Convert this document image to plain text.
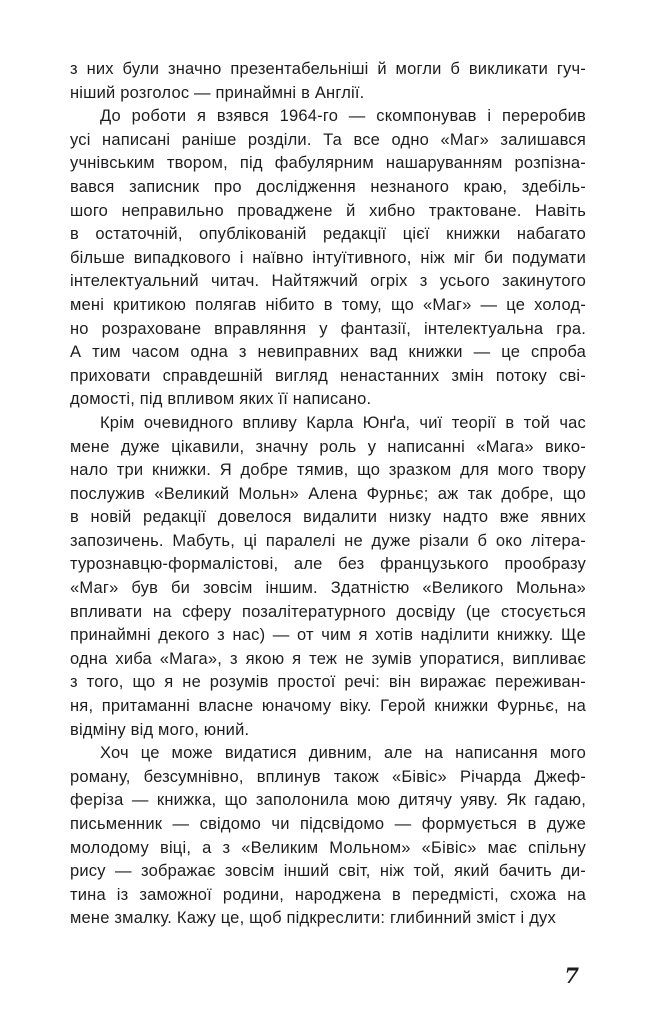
з них були значно презентабельніші й могли б викликати гуч-
ніший розголос — принаймні в Англії.
До роботи я взявся 1964-го — скомпонував і переробив
усі написані раніше розділи. Та все одно «Маг» залишався
учнівським твором, під фабулярним нашаруванням розпізна-
вався записник про дослідження незнаного краю, здебіль-
шого неправильно проваджене й хибно трактоване. Навіть
в остаточній, опублікованій редакції цієї книжки набагато
більше випадкового і наївно інтуїтивного, ніж міг би подумати
інтелектуальний читач. Найтяжчий огріх з усього закинутого
мені критикою полягав нібито в тому, що «Маг» — це холод-
но розраховане вправляння у фантазії, інтелектуальна гра.
А тим часом одна з невиправних вад книжки — це спроба
приховати справдешній вигляд ненастанних змін потоку сві-
домості, під впливом яких її написано.
Крім очевидного впливу Карла Юнґа, чиї теорії в той час
мене дуже цікавили, значну роль у написанні «Мага» вико-
нало три книжки. Я добре тямив, що зразком для мого твору
послужив «Великий Мольн» Алена Фурньє; аж так добре, що
в новій редакції довелося видалити низку надто вже явних
запозичень. Мабуть, ці паралелі не дуже різали б око літера-
турознавцю-формалістові, але без французького прообразу
«Маг» був би зовсім іншим. Здатністю «Великого Мольна»
впливати на сферу позалітературного досвіду (це стосується
принаймні декого з нас) — от чим я хотів наділити книжку. Ще
одна хиба «Мага», з якою я теж не зумів упоратися, випливає
з того, що я не розумів простої речі: він виражає переживан-
ня, притаманні власне юначому віку. Герой книжки Фурньє, на
відміну від мого, юний.
Хоч це може видатися дивним, але на написання мого
роману, безсумнівно, вплинув також «Бівіс» Річарда Джеф-
феріза — книжка, що заполонила мою дитячу уяву. Як гадаю,
письменник — свідомо чи підсвідомо — формується в дуже
молодому віці, а з «Великим Мольном» «Бівіс» має спільну
рису — зображає зовсім інший світ, ніж той, який бачить ди-
тина із заможної родини, народжена в передмісті, схожа на
мене змалку. Кажу це, щоб підкреслити: глибинний зміст і дух
7
